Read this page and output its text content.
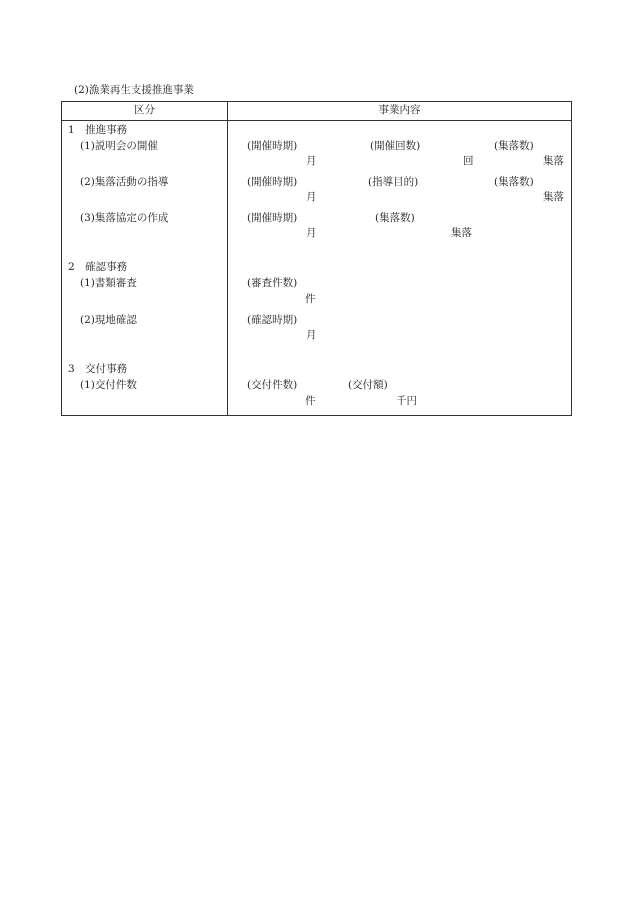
(2)漁業再生支援推進事業
区分	事業内容
1　推進事務
(1)説明会の開催	(開催時期)	(開催回数)	(集落数)
月	回	集落
(2)集落活動の指導	(開催時期)	(指導目的)	(集落数)
月	集落
(3)集落協定の作成	(開催時期)	(集落数)
月	集落
2　確認事務
(1)書類審査	(審査件数)
件
(2)現地確認	(確認時期)
月
3　交付事務
(1)交付件数	(交付件数)	(交付額)
件	千円
